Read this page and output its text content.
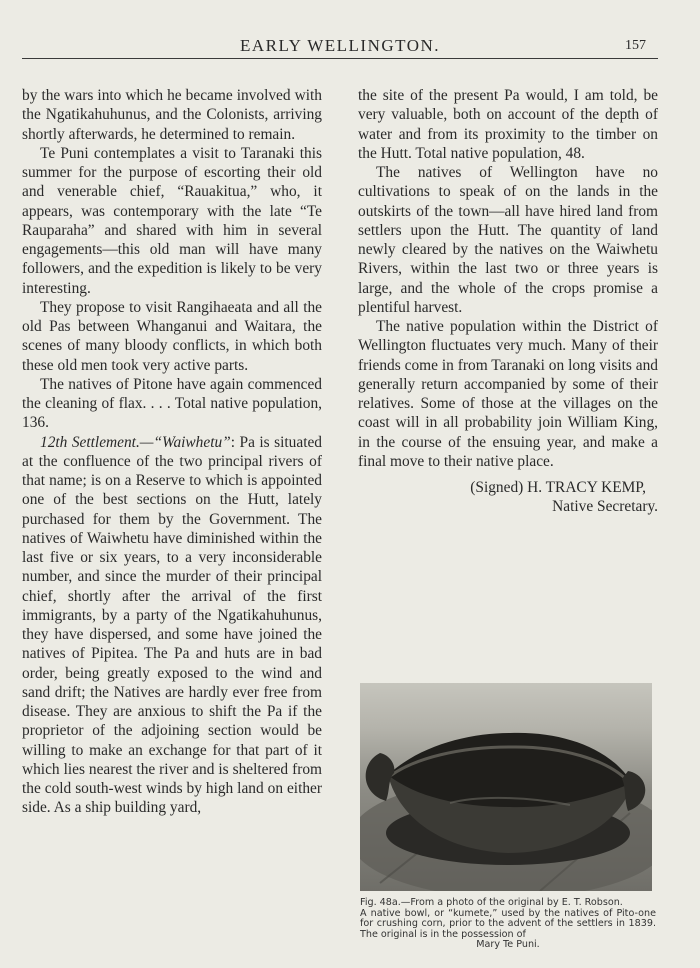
EARLY WELLINGTON.	157

by the wars into which he became involved with the Ngatikahuhunus, and the Colonists, arriving shortly afterwards, he determined to remain.

Te Puni contemplates a visit to Taranaki this summer for the purpose of escorting their old and venerable chief, “Rauakitua,” who, it appears, was contemporary with the late “Te Rauparaha” and shared with him in several engagements—this old man will have many followers, and the expedition is likely to be very interesting.

They propose to visit Rangihaeata and all the old Pas between Whanganui and Waitara, the scenes of many bloody conflicts, in which both these old men took very active parts.

The natives of Pitone have again commenced the cleaning of flax. . . . Total native population, 136.

12th Settlement.—“Waiwhetu”: Pa is situated at the confluence of the two principal rivers of that name; is on a Reserve to which is appointed one of the best sections on the Hutt, lately purchased for them by the Government. The natives of Waiwhetu have diminished within the last five or six years, to a very inconsiderable number, and since the murder of their principal chief, shortly after the arrival of the first immigrants, by a party of the Ngatikahuhunus, they have dispersed, and some have joined the natives of Pipitea. The Pa and huts are in bad order, being greatly exposed to the wind and sand drift; the Natives are hardly ever free from disease. They are anxious to shift the Pa if the proprietor of the adjoining section would be willing to make an exchange for that part of it which lies nearest the river and is sheltered from the cold south-west winds by high land on either side. As a ship building yard,

the site of the present Pa would, I am told, be very valuable, both on account of the depth of water and from its proximity to the timber on the Hutt. Total native population, 48.

The natives of Wellington have no cultivations to speak of on the lands in the outskirts of the town—all have hired land from settlers upon the Hutt. The quantity of land newly cleared by the natives on the Waiwhetu Rivers, within the last two or three years is large, and the whole of the crops promise a plentiful harvest.

The native population within the District of Wellington fluctuates very much. Many of their friends come in from Taranaki on long visits and generally return accompanied by some of their relatives. Some of those at the villages on the coast will in all probability join William King, in the course of the ensuing year, and make a final move to their native place.

(Signed) H. TRACY KEMP,

Native Secretary.

Fig. 48a.—From a photo of the original by E. T. Robson.
A native bowl, or “kumete,” used by the natives of Pito-one for crushing corn, prior to the advent of the settlers in 1839. The original is in the possession of
Mary Te Puni.
